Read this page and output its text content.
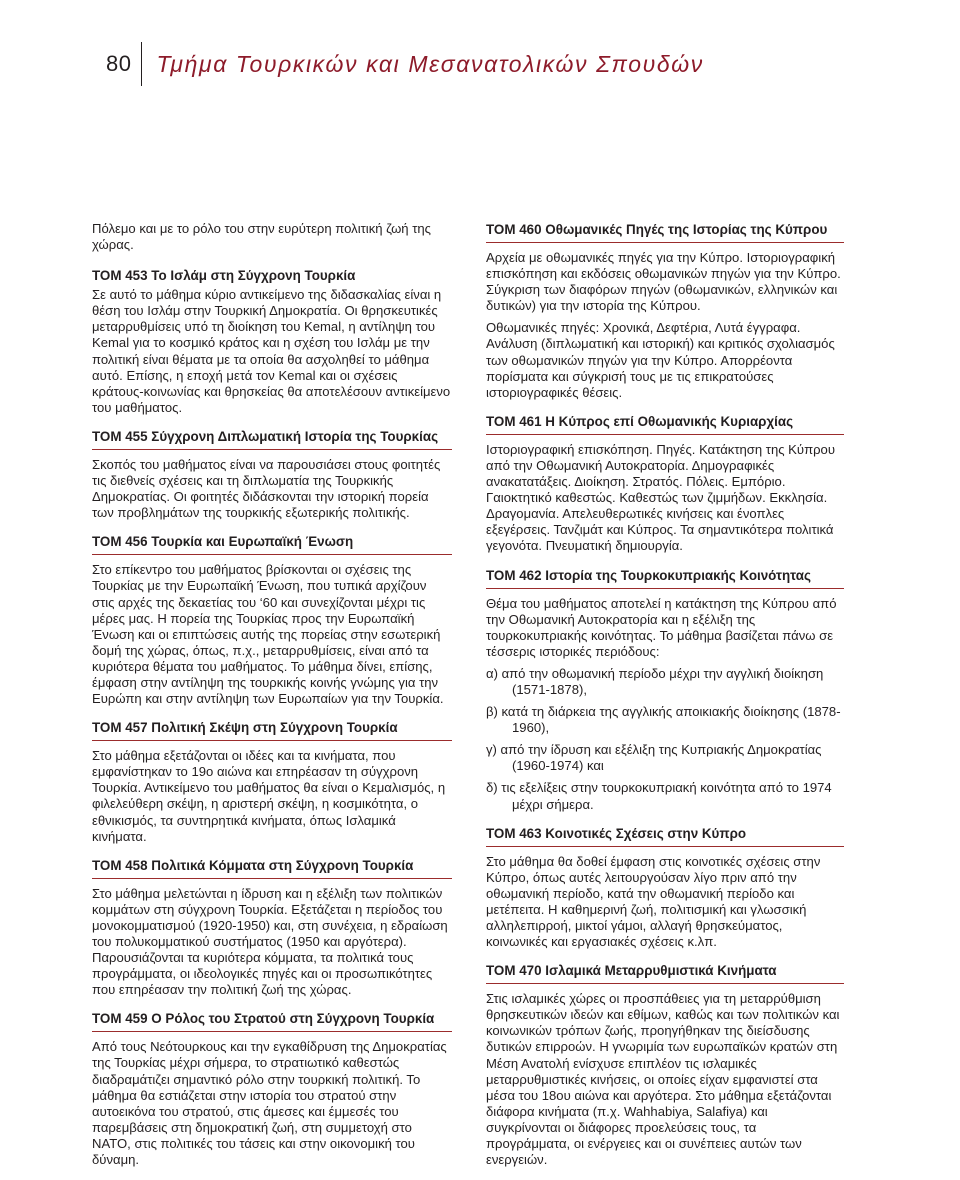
80	Τμήμα Τουρκικών και Μεσανατολικών Σπουδών

Πόλεμο και με το ρόλο του στην ευρύτερη πολιτική ζωή της χώρας.

ΤΟΜ 453 Το Ισλάμ στη Σύγχρονη Τουρκία

Σε αυτό το μάθημα κύριο αντικείμενο της διδασκαλίας είναι η θέση του Ισλάμ στην Τουρκική Δημοκρατία. Οι θρησκευτικές μεταρρυθμίσεις υπό τη διοίκηση του Kemal, η αντίληψη του Kemal για το κοσμικό κράτος και η σχέση του Ισλάμ με την πολιτική είναι θέματα με τα οποία θα ασχοληθεί το μάθημα αυτό. Επίσης, η εποχή μετά τον Kemal και οι σχέσεις κράτους-κοινωνίας και θρησκείας θα αποτελέσουν αντικείμενο του μαθήματος.

ΤΟΜ 455 Σύγχρονη Διπλωματική Ιστορία της Τουρκίας

Σκοπός του μαθήματος είναι να παρουσιάσει στους φοιτητές τις διεθνείς σχέσεις και τη διπλωματία της Τουρκικής Δημοκρατίας. Οι φοιτητές διδάσκονται την ιστορική πορεία των προβλημάτων της τουρκικής εξωτερικής πολιτικής.

ΤΟΜ 456 Τουρκία και Ευρωπαϊκή Ένωση

Στο επίκεντρο του μαθήματος βρίσκονται οι σχέσεις της Τουρκίας με την Ευρωπαϊκή Ένωση, που τυπικά αρχίζουν στις αρχές της δεκαετίας του ‘60 και συνεχίζονται μέχρι τις μέρες μας. Η πορεία της Τουρκίας προς την Ευρωπαϊκή Ένωση και οι επιπτώσεις αυτής της πορείας στην εσωτερική δομή της χώρας, όπως, π.χ., μεταρρυθμίσεις, είναι από τα κυριότερα θέματα του μαθήματος. Το μάθημα δίνει, επίσης, έμφαση στην αντίληψη της τουρκικής κοινής γνώμης για την Ευρώπη και στην αντίληψη των Ευρωπαίων για την Τουρκία.

ΤΟΜ 457 Πολιτική Σκέψη στη Σύγχρονη Τουρκία

Στο μάθημα εξετάζονται οι ιδέες και τα κινήματα, που εμφανίστηκαν το 19ο αιώνα και επηρέασαν τη σύγχρονη Τουρκία. Αντικείμενο του μαθήματος θα είναι ο Κεμαλισμός, η φιλελεύθερη σκέψη, η αριστερή σκέψη, η κοσμικότητα, ο εθνικισμός, τα συντηρητικά κινήματα, όπως Ισλαμικά κινήματα.

ΤΟΜ 458 Πολιτικά Κόμματα στη Σύγχρονη Τουρκία

Στο μάθημα μελετώνται η ίδρυση και η εξέλιξη των πολιτικών κομμάτων στη σύγχρονη Τουρκία. Εξετάζεται η περίοδος του μονοκομματισμού (1920-1950) και, στη συνέχεια, η εδραίωση του πολυκομματικού συστήματος (1950 και αργότερα). Παρουσιάζονται τα κυριότερα κόμματα, τα πολιτικά τους προγράμματα, οι ιδεολογικές πηγές και οι προσωπικότητες που επηρέασαν την πολιτική ζωή της χώρας.

ΤΟΜ 459 Ο Ρόλος του Στρατού στη Σύγχρονη Τουρκία

Από τους Νεότουρκους και την εγκαθίδρυση της Δημοκρατίας της Τουρκίας μέχρι σήμερα, το στρατιωτικό καθεστώς διαδραμάτιζει σημαντικό ρόλο στην τουρκική πολιτική. Το μάθημα θα εστιάζεται στην ιστορία του στρατού στην αυτοεικόνα του στρατού, στις άμεσες και έμμεσές του παρεμβάσεις στη δημοκρατική ζωή, στη συμμετοχή στο ΝΑΤΟ, στις πολιτικές του τάσεις και στην οικονομική του δύναμη.

ΤΟΜ 460 Οθωμανικές Πηγές της Ιστορίας της Κύπρου

Αρχεία με οθωμανικές πηγές για την Κύπρο. Ιστοριογραφική επισκόπηση και εκδόσεις οθωμανικών πηγών για την Κύπρο. Σύγκριση των διαφόρων πηγών (οθωμανικών, ελληνικών και δυτικών) για την ιστορία της Κύπρου.

Οθωμανικές πηγές: Χρονικά, Δεφτέρια, Λυτά έγγραφα. Ανάλυση (διπλωματική και ιστορική) και κριτικός σχολιασμός των οθωμανικών πηγών για την Κύπρο. Απορρέοντα πορίσματα και σύγκρισή τους με τις επικρατούσες ιστοριογραφικές θέσεις.

ΤΟΜ 461 Η Κύπρος επί Οθωμανικής Κυριαρχίας

Ιστοριογραφική επισκόπηση. Πηγές. Κατάκτηση της Κύπρου από την Οθωμανική Αυτοκρατορία. Δημογραφικές ανακατατάξεις. Διοίκηση. Στρατός. Πόλεις. Εμπόριο. Γαιοκτητικό καθεστώς. Καθεστώς των ζιμμήδων. Εκκλησία. Δραγομανία. Απελευθερωτικές κινήσεις και ένοπλες εξεγέρσεις. Τανζιμάτ και Κύπρος. Τα σημαντικότερα πολιτικά γεγονότα. Πνευματική δημιουργία.

ΤΟΜ 462 Ιστορία της Τουρκοκυπριακής Κοινότητας

Θέμα του μαθήματος αποτελεί η κατάκτηση της Κύπρου από την Οθωμανική Αυτοκρατορία και η εξέλιξη της τουρκοκυπριακής κοινότητας. Το μάθημα βασίζεται πάνω σε τέσσερις ιστορικές περιόδους:

α) από την οθωμανική περίοδο μέχρι την αγγλική διοίκηση (1571-1878),

β) κατά τη διάρκεια της αγγλικής αποικιακής διοίκησης (1878-1960),

γ) από την ίδρυση και εξέλιξη της Κυπριακής Δημοκρατίας (1960-1974) και

δ) τις εξελίξεις στην τουρκοκυπριακή κοινότητα από το 1974 μέχρι σήμερα.

ΤΟΜ 463 Κοινοτικές Σχέσεις στην Κύπρο

Στο μάθημα θα δοθεί έμφαση στις κοινοτικές σχέσεις στην Κύπρο, όπως αυτές λειτουργούσαν λίγο πριν από την οθωμανική περίοδο, κατά την οθωμανική περίοδο και μετέπειτα. Η καθημερινή ζωή, πολιτισμική και γλωσσική αλληλεπιρροή, μικτοί γάμοι, αλλαγή θρησκεύματος, κοινωνικές και εργασιακές σχέσεις κ.λπ.

ΤΟΜ 470 Ισλαμικά Μεταρρυθμιστικά Κινήματα

Στις ισλαμικές χώρες οι προσπάθειες για τη μεταρρύθμιση θρησκευτικών ιδεών και εθίμων, καθώς και των πολιτικών και κοινωνικών τρόπων ζωής, προηγήθηκαν της διείσδυσης δυτικών επιρροών. Η γνωριμία των ευρωπαϊκών κρατών στη Μέση Ανατολή ενίσχυσε επιπλέον τις ισλαμικές μεταρρυθμιστικές κινήσεις, οι οποίες είχαν εμφανιστεί στα μέσα του 18ου αιώνα και αργότερα. Στο μάθημα εξετάζονται διάφορα κινήματα (π.χ. Wahhabiya, Salafiya) και συγκρίνονται οι διάφορες προελεύσεις τους, τα προγράμματα, οι ενέργειες και οι συνέπειες αυτών των ενεργειών.
